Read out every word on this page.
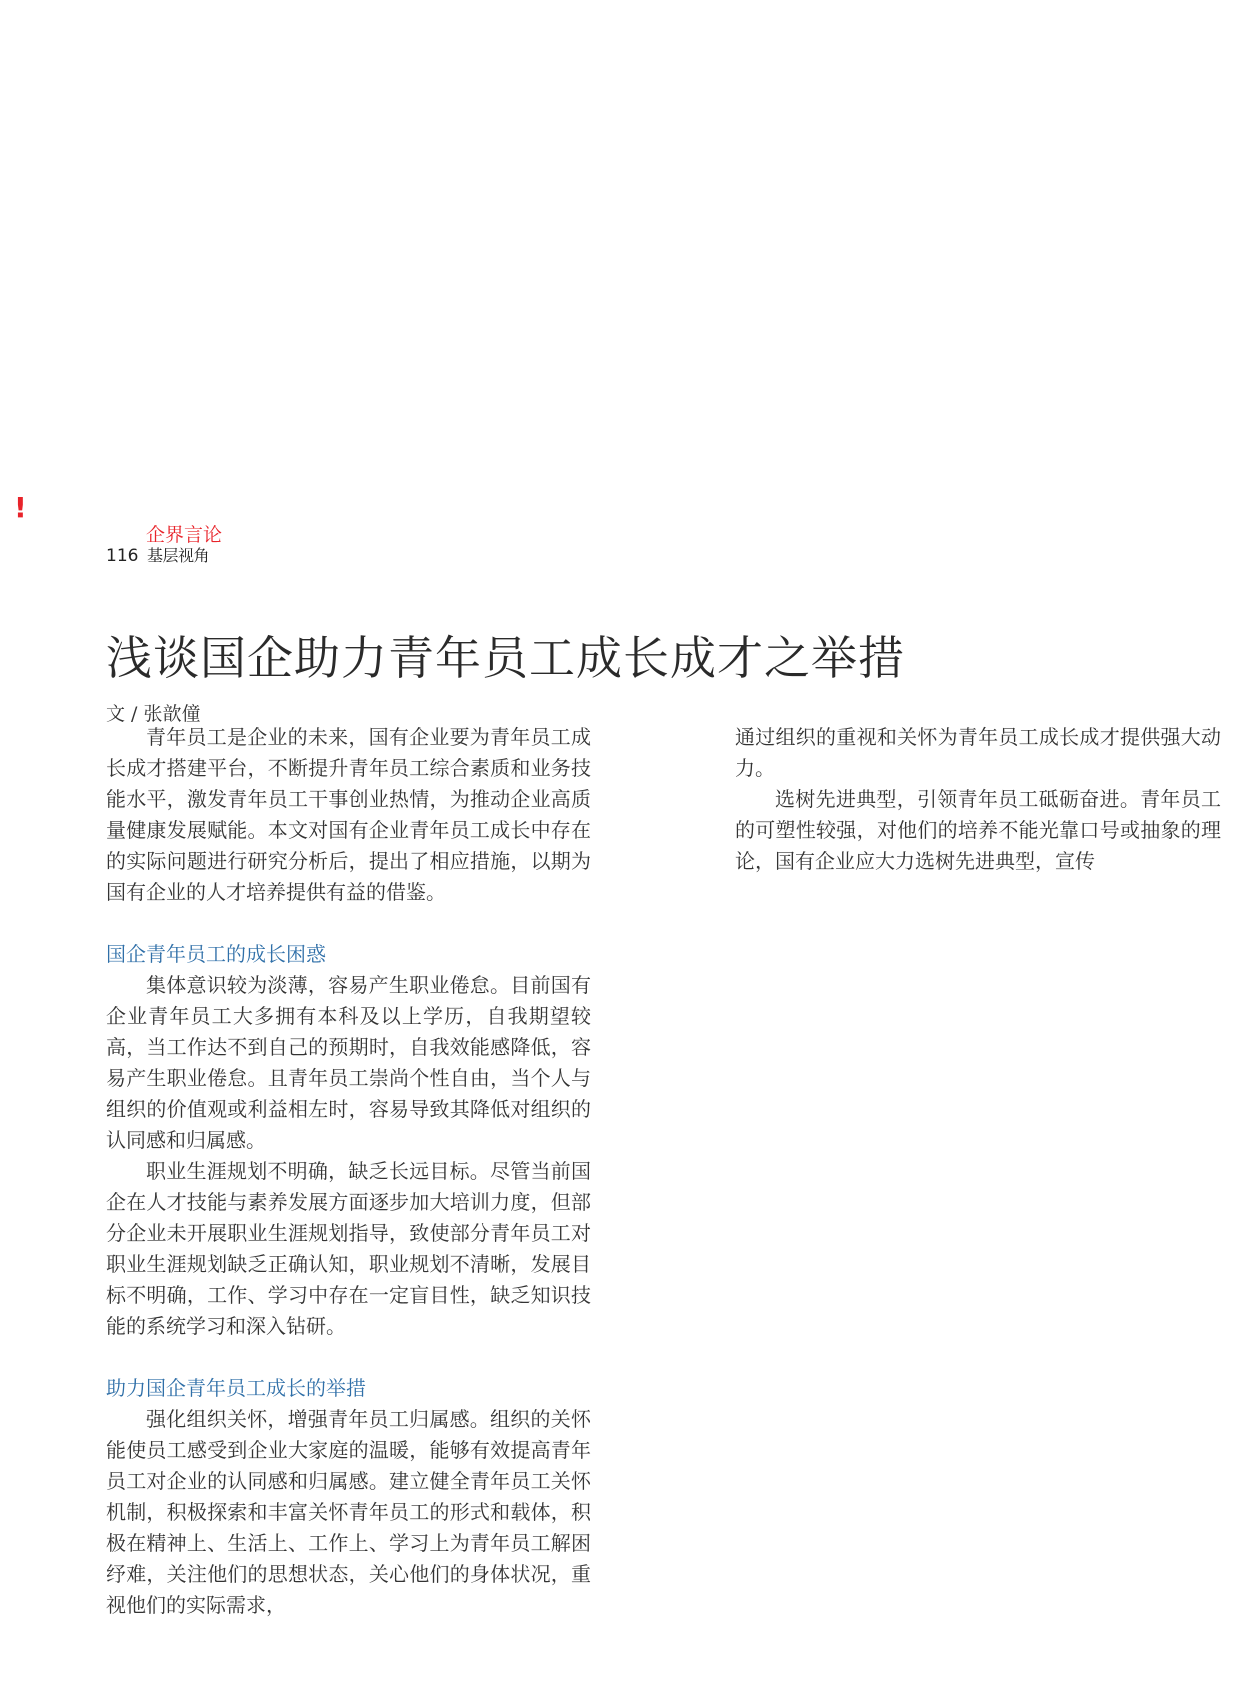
!
企界言论
116 基层视角
浅谈国企助力青年员工成长成才之举措
文 / 张歆僮

青年员工是企业的未来，国有企业要为青年员工成长成才搭建平台，不断提升青年员工综合素质和业务技能水平，激发青年员工干事创业热情，为推动企业高质量健康发展赋能。本文对国有企业青年员工成长中存在的实际问题进行研究分析后，提出了相应措施，以期为国有企业的人才培养提供有益的借鉴。

国企青年员工的成长困惑

集体意识较为淡薄，容易产生职业倦怠。目前国有企业青年员工大多拥有本科及以上学历，自我期望较高，当工作达不到自己的预期时，自我效能感降低，容易产生职业倦怠。且青年员工崇尚个性自由，当个人与组织的价值观或利益相左时，容易导致其降低对组织的认同感和归属感。

职业生涯规划不明确，缺乏长远目标。尽管当前国企在人才技能与素养发展方面逐步加大培训力度，但部分企业未开展职业生涯规划指导，致使部分青年员工对职业生涯规划缺乏正确认知，职业规划不清晰，发展目标不明确，工作、学习中存在一定盲目性，缺乏知识技能的系统学习和深入钻研。

助力国企青年员工成长的举措

强化组织关怀，增强青年员工归属感。组织的关怀能使员工感受到企业大家庭的温暖，能够有效提高青年员工对企业的认同感和归属感。建立健全青年员工关怀机制，积极探索和丰富关怀青年员工的形式和载体，积极在精神上、生活上、工作上、学习上为青年员工解困纾难，关注他们的思想状态，关心他们的身体状况，重视他们的实际需求，

通过组织的重视和关怀为青年员工成长成才提供强大动力。

选树先进典型，引领青年员工砥砺奋进。青年员工的可塑性较强，对他们的培养不能光靠口号或抽象的理论，国有企业应大力选树先进典型，宣传
